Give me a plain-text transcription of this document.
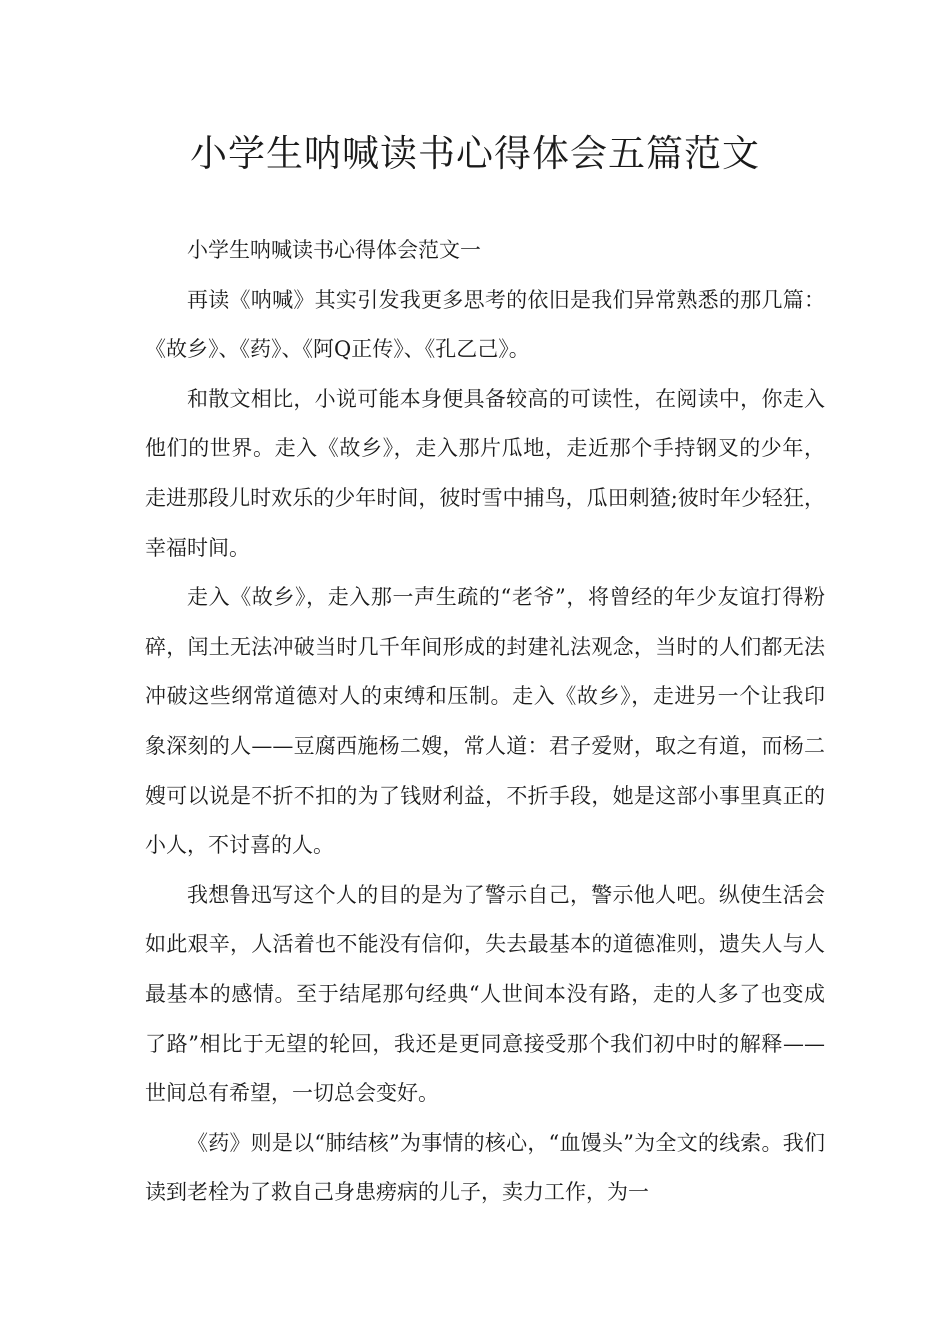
小学生呐喊读书心得体会五篇范文

小学生呐喊读书心得体会范文一

再读《呐喊》其实引发我更多思考的依旧是我们异常熟悉的那几篇：《故乡》、《药》、《阿Q正传》、《孔乙己》。

和散文相比，小说可能本身便具备较高的可读性，在阅读中，你走入他们的世界。走入《故乡》，走入那片瓜地，走近那个手持钢叉的少年，走进那段儿时欢乐的少年时间，彼时雪中捕鸟，瓜田刺猹;彼时年少轻狂，幸福时间。

走入《故乡》，走入那一声生疏的“老爷”，将曾经的年少友谊打得粉碎，闰土无法冲破当时几千年间形成的封建礼法观念，当时的人们都无法冲破这些纲常道德对人的束缚和压制。走入《故乡》，走进另一个让我印象深刻的人——豆腐西施杨二嫂，常人道：君子爱财，取之有道，而杨二嫂可以说是不折不扣的为了钱财利益，不折手段，她是这部小事里真正的小人，不讨喜的人。

我想鲁迅写这个人的目的是为了警示自己，警示他人吧。纵使生活会如此艰辛，人活着也不能没有信仰，失去最基本的道德准则，遗失人与人最基本的感情。至于结尾那句经典“人世间本没有路，走的人多了也变成了路”相比于无望的轮回，我还是更同意接受那个我们初中时的解释——世间总有希望，一切总会变好。

《药》则是以“肺结核”为事情的核心，“血馒头”为全文的线索。我们读到老栓为了救自己身患痨病的儿子，卖力工作，为一
